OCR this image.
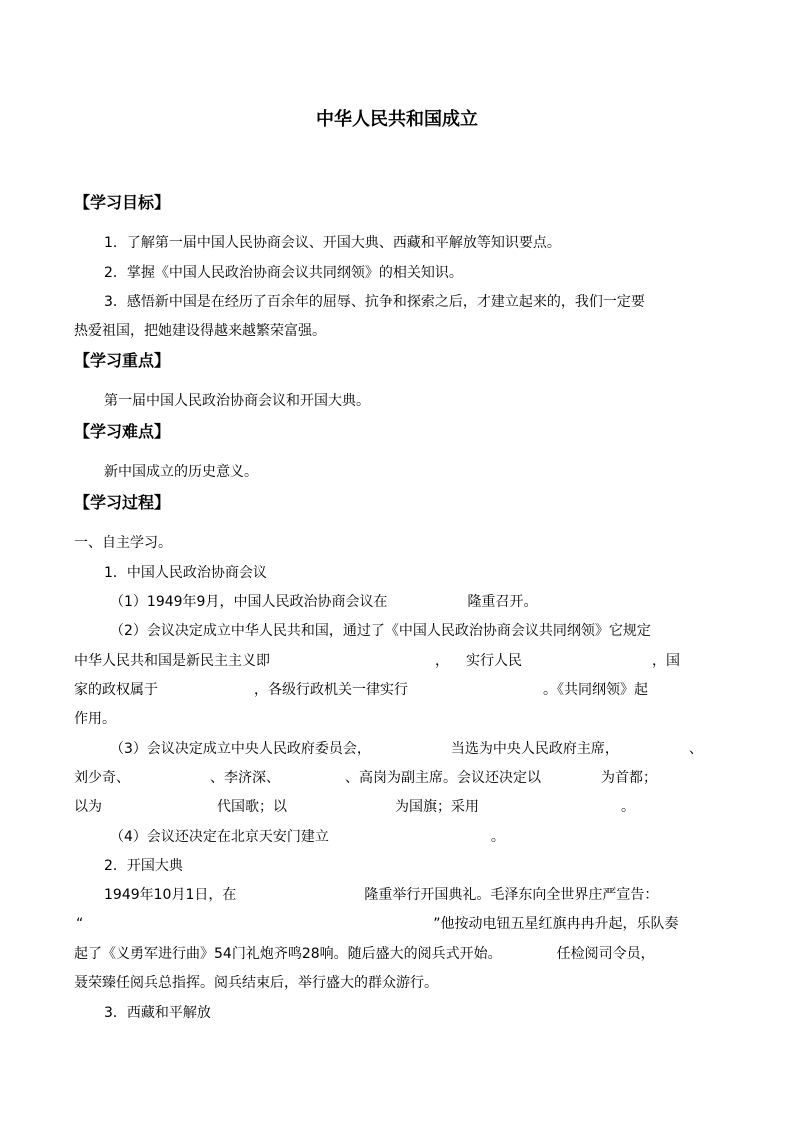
中华人民共和国成立
【学习目标】
1．了解第一届中国人民协商会议、开国大典、西藏和平解放等知识要点。
2．掌握《中国人民政治协商会议共同纲领》的相关知识。
3．感悟新中国是在经历了百余年的屈辱、抗争和探索之后，才建立起来的，我们一定要
热爱祖国，把她建设得越来越繁荣富强。
【学习重点】
第一届中国人民政治协商会议和开国大典。
【学习难点】
新中国成立的历史意义。
【学习过程】
一、自主学习。
1．中国人民政治协商会议
（1）1949年9月，中国人民政治协商会议在	隆重召开。
（2）会议决定成立中华人民共和国，通过了《中国人民政治协商会议共同纲领》它规定
中华人民共和国是新民主主义即	， 实行人民	，国
家的政权属于	，各级行政机关一律实行	。《共同纲领》起
作用。
（3）会议决定成立中央人民政府委员会，	当选为中央人民政府主席，	、
刘少奇、	、李济深、	、高岗为副主席。会议还决定以	为首都；
以为	代国歌；以	为国旗；采用	。
（4）会议还决定在北京天安门建立	。
2．开国大典
1949年10月1日，在	隆重举行开国典礼。毛泽东向全世界庄严宣告：
“	”他按动电钮五星红旗冉冉升起，乐队奏
起了《义勇军进行曲》54门礼炮齐鸣28响。随后盛大的阅兵式开始。	任检阅司令员，
聂荣臻任阅兵总指挥。阅兵结束后，举行盛大的群众游行。
3．西藏和平解放
